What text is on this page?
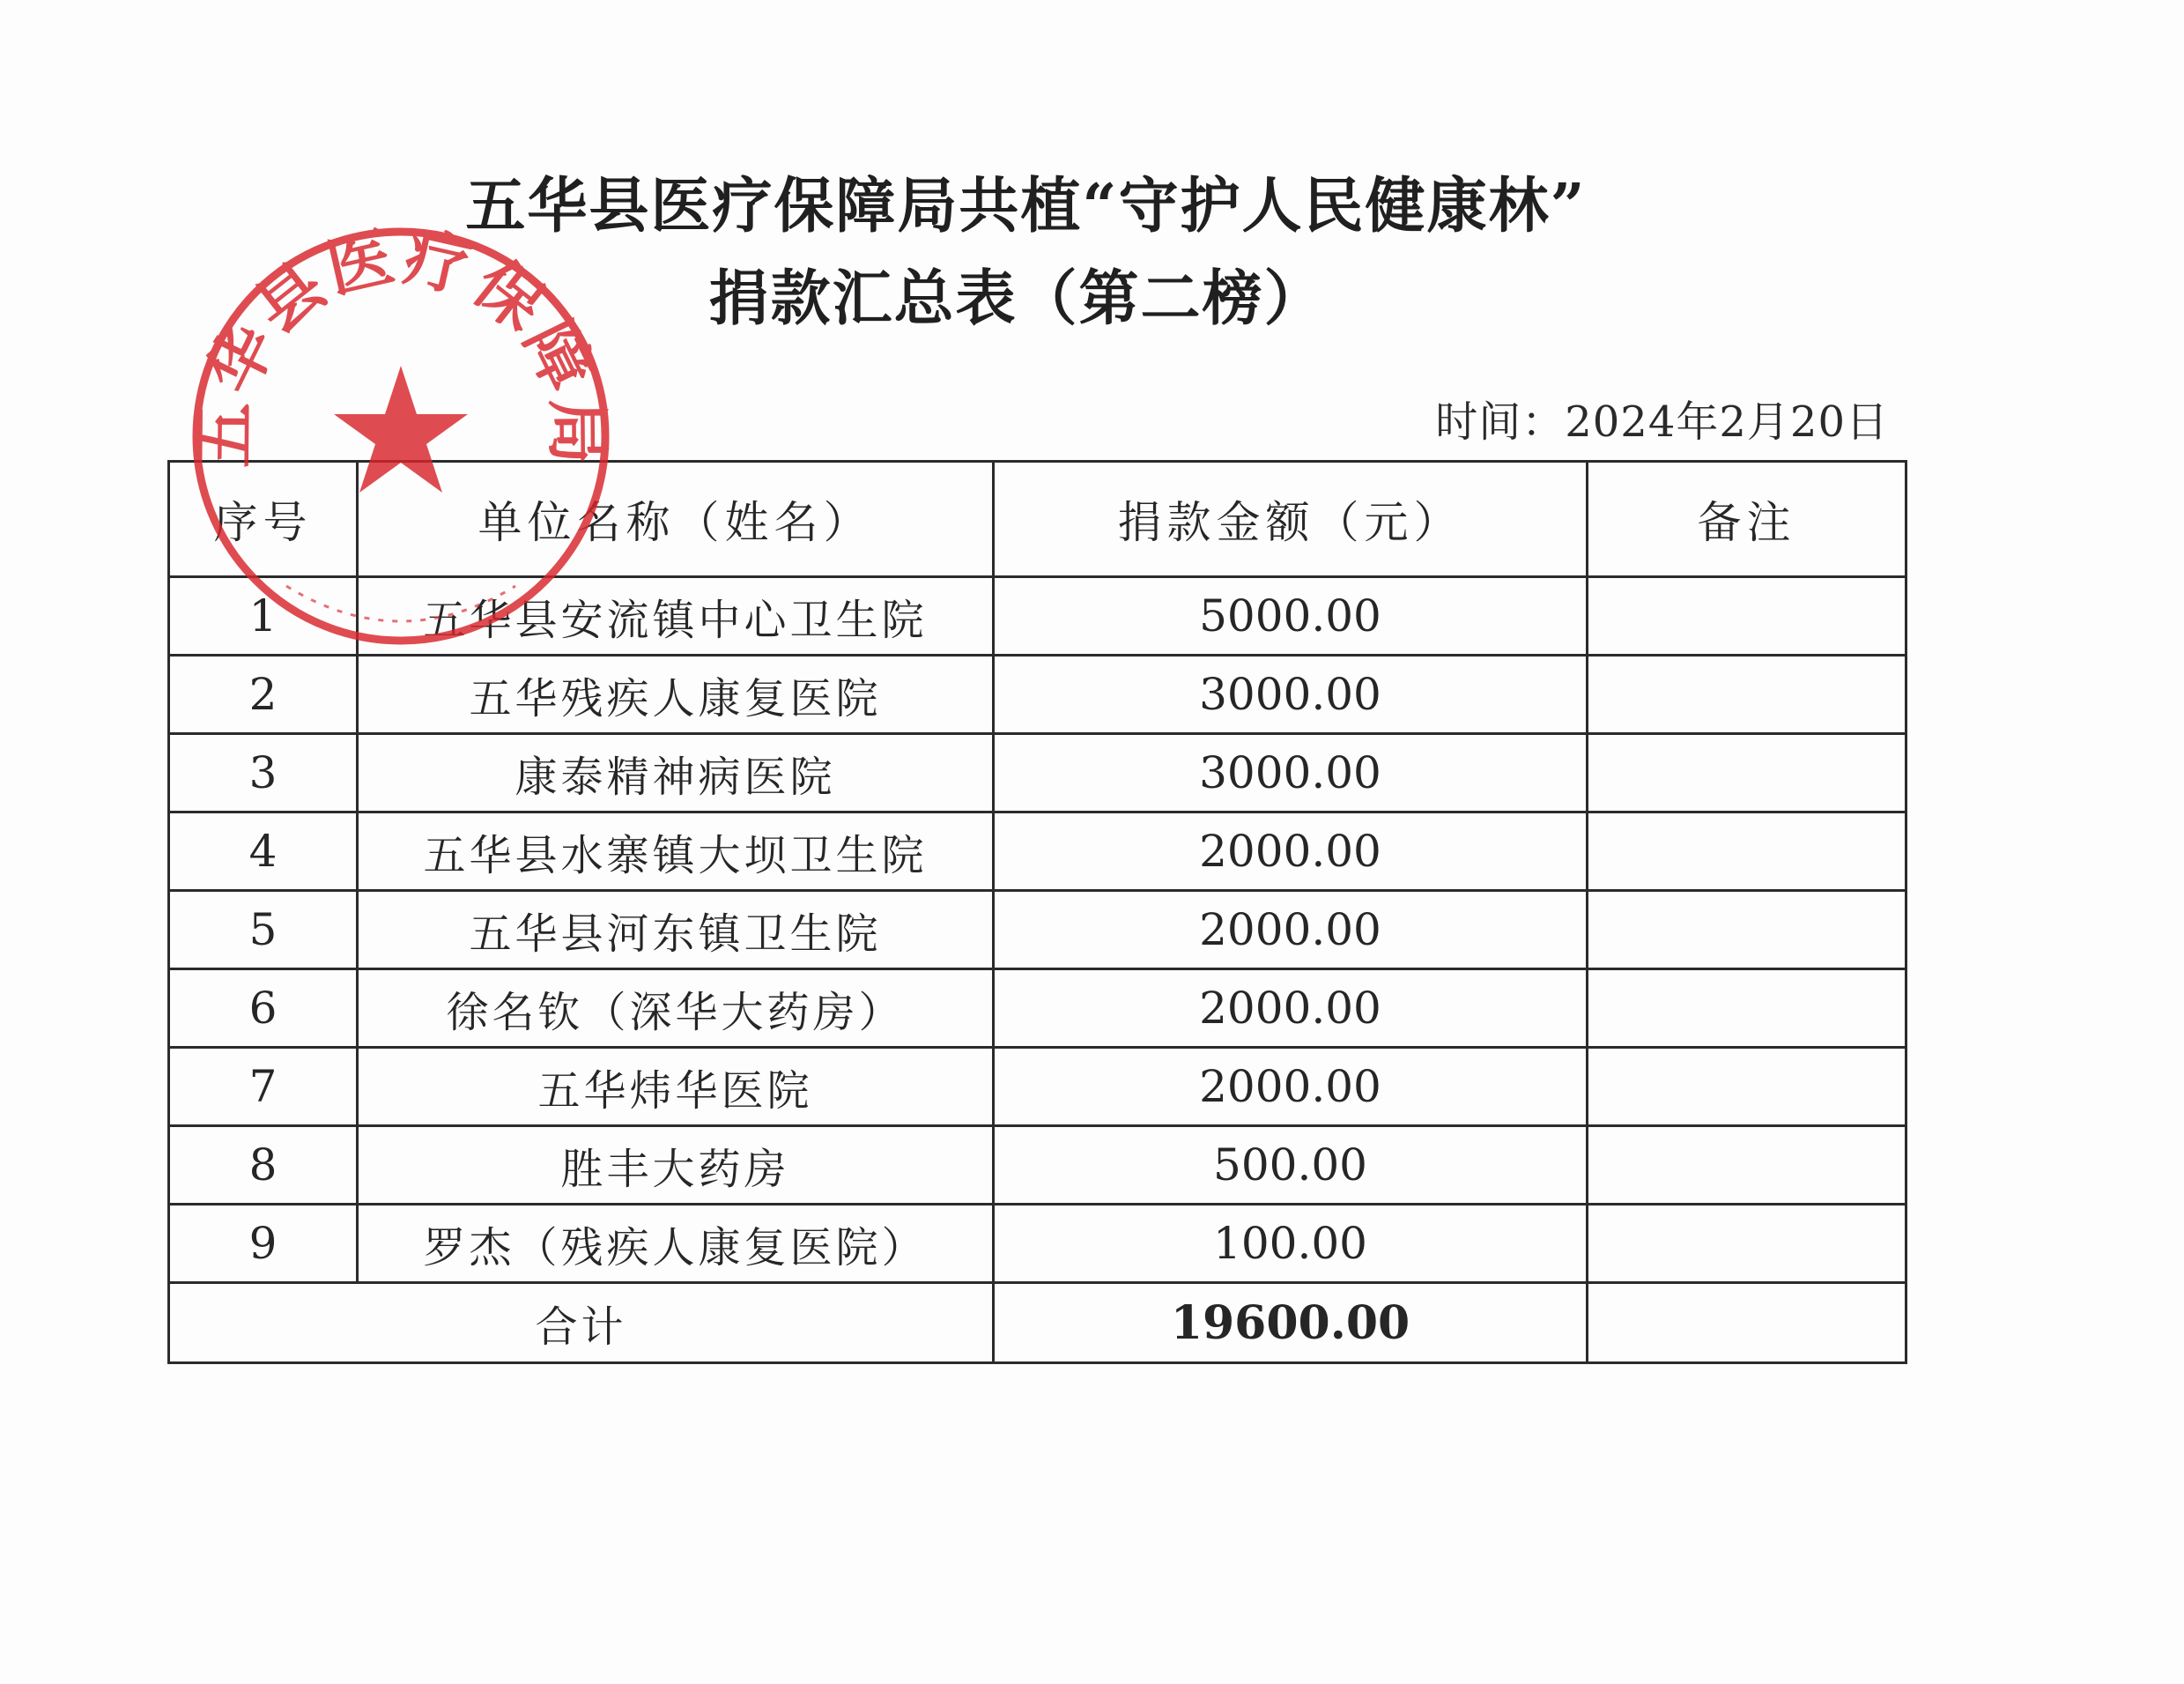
五华县医疗保障局共植“守护人民健康林”
捐款汇总表（第二榜）
时间：2024年2月20日
序号	单位名称（姓名）	捐款金额（元）	备注
1	五华县安流镇中心卫生院	5000.00	
2	五华残疾人康复医院	3000.00	
3	康泰精神病医院	3000.00	
4	五华县水寨镇大坝卫生院	2000.00	
5	五华县河东镇卫生院	2000.00	
6	徐名钦（深华大药房）	2000.00	
7	五华炜华医院	2000.00	
8	胜丰大药房	500.00	
9	罗杰（残疾人康复医院）	100.00	
合计		19600.00	
五华县医疗保障局
